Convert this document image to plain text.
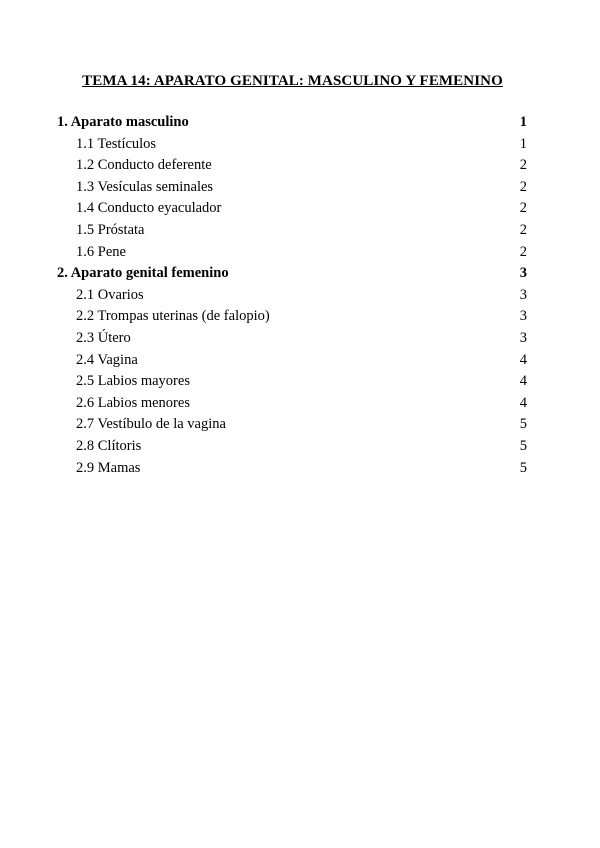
TEMA 14: APARATO GENITAL: MASCULINO Y FEMENINO
1. Aparato masculino	1
1.1 Testículos	1
1.2 Conducto deferente	2
1.3 Vesículas seminales	2
1.4 Conducto eyaculador	2
1.5 Próstata	2
1.6 Pene	2
2. Aparato genital femenino	3
2.1 Ovarios	3
2.2 Trompas uterinas (de falopio)	3
2.3 Útero	3
2.4 Vagina	4
2.5 Labios mayores	4
2.6 Labios menores	4
2.7 Vestíbulo de la vagina	5
2.8 Clítoris	5
2.9 Mamas	5
